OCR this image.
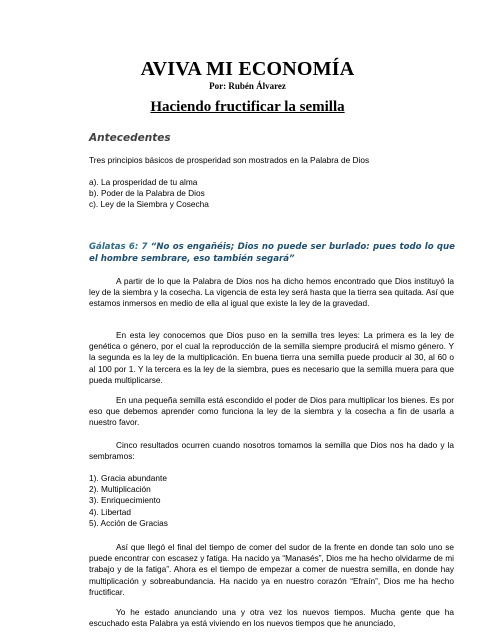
AVIVA MI ECONOMÍA
Por: Rubén Álvarez
Haciendo fructificar la semilla
Antecedentes
Tres principios básicos de prosperidad son mostrados en la Palabra de Dios
a). La prosperidad de tu alma
b). Poder de la Palabra de Dios
c). Ley de la Siembra y Cosecha
Gálatas 6: 7 “No os engañéis; Dios no puede ser burlado: pues todo lo que el hombre sembrare, eso también segará”
A partir de lo que la Palabra de Dios nos ha dicho hemos encontrado que Dios instituyó la ley de la siembra y la cosecha. La vigencia de esta ley será hasta que la tierra sea quitada. Así que estamos inmersos en medio de ella al igual que existe la ley de la gravedad.
En esta ley conocemos que Dios puso en la semilla tres leyes: La primera es la ley de genética o género, por el cual la reproducción de la semilla siempre producirá el mismo género. Y la segunda es la ley de la multiplicación. En buena tierra una semilla puede producir al 30, al 60 o al 100 por 1. Y la tercera es la ley de la siembra, pues es necesario que la semilla muera para que pueda multiplicarse.
En una pequeña semilla está escondido el poder de Dios para multiplicar los bienes. Es por eso que debemos aprender como funciona la ley de la siembra y la cosecha a fin de usarla a nuestro favor.
Cinco resultados ocurren cuando nosotros tomamos la semilla que Dios nos ha dado y la sembramos:
1). Gracia abundante
2). Multiplicación
3). Enriquecimiento
4). Libertad
5). Acción de Gracias
Así que llegó el final del tiempo de comer del sudor de la frente en donde tan solo uno se puede encontrar con escasez y fatiga. Ha nacido ya “Manasés”, Dios me ha hecho olvidarme de mi trabajo y de la fatiga”. Ahora es el tiempo de empezar a comer de nuestra semilla, en donde hay multiplicación y sobreabundancia. Ha nacido ya en nuestro corazón “Efraín”, Dios me ha hecho fructificar.
Yo he estado anunciando una y otra vez los nuevos tiempos. Mucha gente que ha escuchado esta Palabra ya está viviendo en los nuevos tiempos que he anunciado,
